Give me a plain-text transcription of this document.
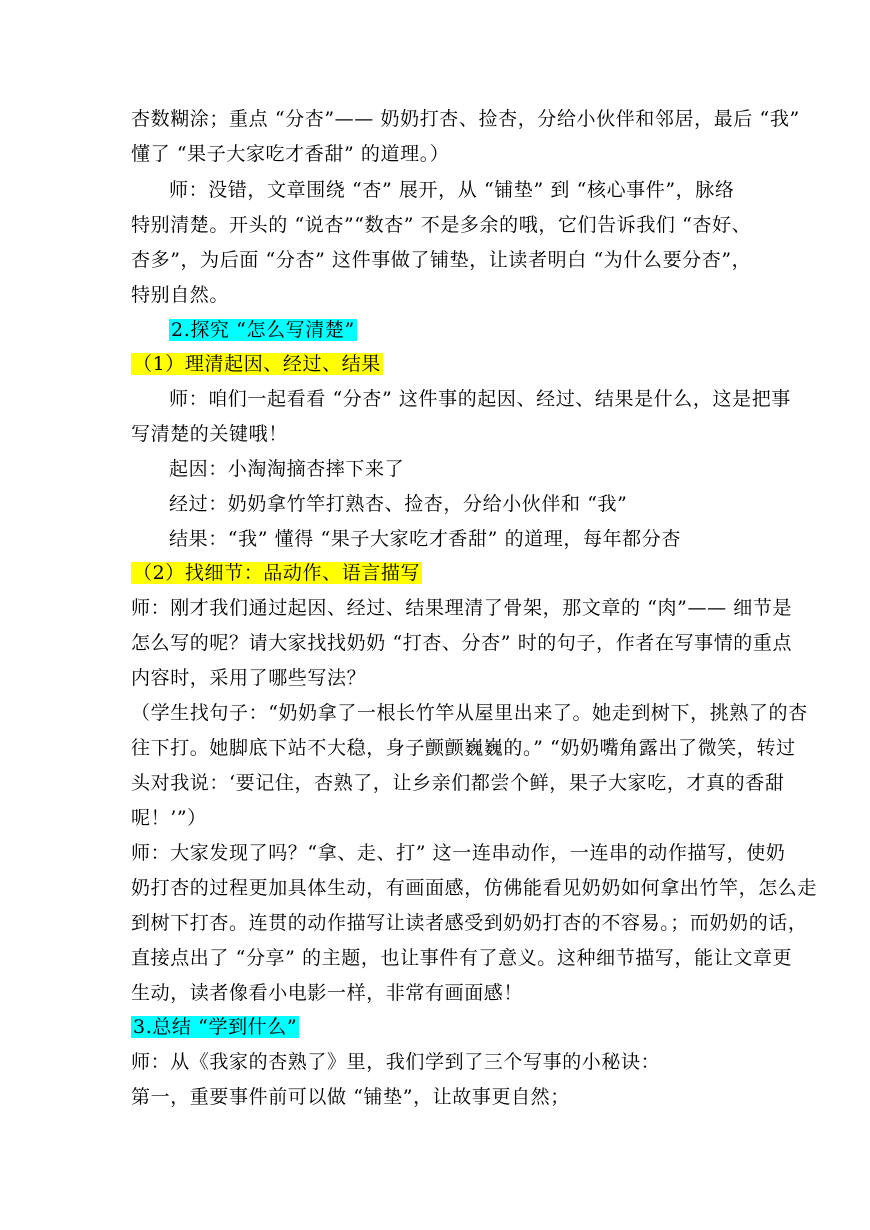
杏数糊涂；重点 “分杏”—— 奶奶打杏、捡杏，分给小伙伴和邻居，最后 “我”
懂了 “果子大家吃才香甜” 的道理。）
师：没错，文章围绕 “杏” 展开，从 “铺垫” 到 “核心事件”，脉络
特别清楚。开头的 “说杏”“数杏” 不是多余的哦，它们告诉我们 “杏好、
杏多”，为后面 “分杏” 这件事做了铺垫，让读者明白 “为什么要分杏”，
特别自然。
2.探究 “怎么写清楚”
（1）理清起因、经过、结果
师：咱们一起看看 “分杏” 这件事的起因、经过、结果是什么，这是把事
写清楚的关键哦！
起因：小淘淘摘杏摔下来了
经过：奶奶拿竹竿打熟杏、捡杏，分给小伙伴和 “我”
结果：“我” 懂得 “果子大家吃才香甜” 的道理，每年都分杏
（2）找细节：品动作、语言描写
师：刚才我们通过起因、经过、结果理清了骨架，那文章的 “肉”—— 细节是
怎么写的呢？请大家找找奶奶 “打杏、分杏” 时的句子，作者在写事情的重点
内容时，采用了哪些写法？
（学生找句子：“奶奶拿了一根长竹竿从屋里出来了。她走到树下，挑熟了的杏
往下打。她脚底下站不大稳，身子颤颤巍巍的。” “奶奶嘴角露出了微笑，转过
头对我说：‘要记住，杏熟了，让乡亲们都尝个鲜，果子大家吃，才真的香甜
呢！’”）
师：大家发现了吗？“拿、走、打” 这一连串动作，一连串的动作描写，使奶
奶打杏的过程更加具体生动，有画面感，仿佛能看见奶奶如何拿出竹竿，怎么走
到树下打杏。连贯的动作描写让读者感受到奶奶打杏的不容易。；而奶奶的话，
直接点出了 “分享” 的主题，也让事件有了意义。这种细节描写，能让文章更
生动，读者像看小电影一样，非常有画面感！
3.总结 “学到什么”
师：从《我家的杏熟了》里，我们学到了三个写事的小秘诀：
第一，重要事件前可以做 “铺垫”，让故事更自然；
